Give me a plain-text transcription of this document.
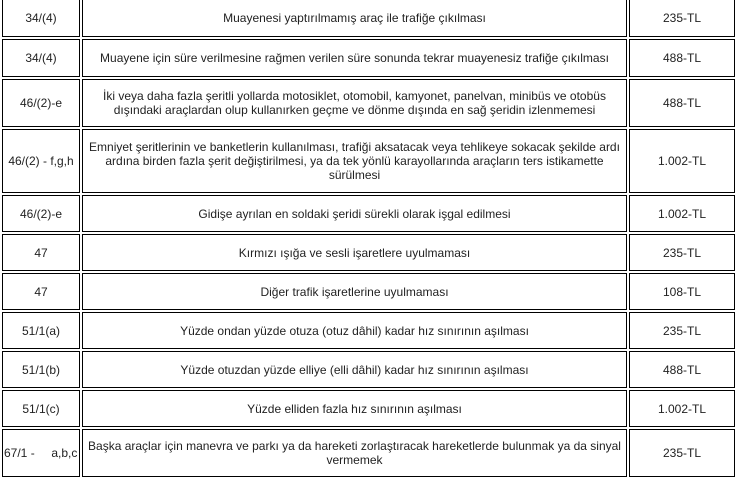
34/(4)	Muayenesi yaptırılmamış araç ile trafiğe çıkılması	235-TL
34/(4)	Muayene için süre verilmesine rağmen verilen süre sonunda tekrar muayenesiz trafiğe çıkılması	488-TL
46/(2)-e	İki veya daha fazla şeritli yollarda motosiklet, otomobil, kamyonet, panelvan, minibüs ve otobüs dışındaki araçlardan olup kullanırken geçme ve dönme dışında en sağ şeridin izlenmemesi	488-TL
46/(2) - f,g,h	Emniyet şeritlerinin ve banketlerin kullanılması, trafiği aksatacak veya tehlikeye sokacak şekilde ardı ardına birden fazla şerit değiştirilmesi, ya da tek yönlü karayollarında araçların ters istikamette sürülmesi	1.002-TL
46/(2)-e	Gidişe ayrılan en soldaki şeridi sürekli olarak işgal edilmesi	1.002-TL
47	Kırmızı ışığa ve sesli işaretlere uyulmaması	235-TL
47	Diğer trafik işaretlerine uyulmaması	108-TL
51/1(a)	Yüzde ondan yüzde otuza (otuz dâhil) kadar hız sınırının aşılması	235-TL
51/1(b)	Yüzde otuzdan yüzde elliye (elli dâhil) kadar hız sınırının aşılması	488-TL
51/1(c)	Yüzde elliden fazla hız sınırının aşılması	1.002-TL
67/1 -     a,b,c	Başka araçlar için manevra ve parkı ya da hareketi zorlaştıracak hareketlerde bulunmak ya da sinyal vermemek	235-TL
